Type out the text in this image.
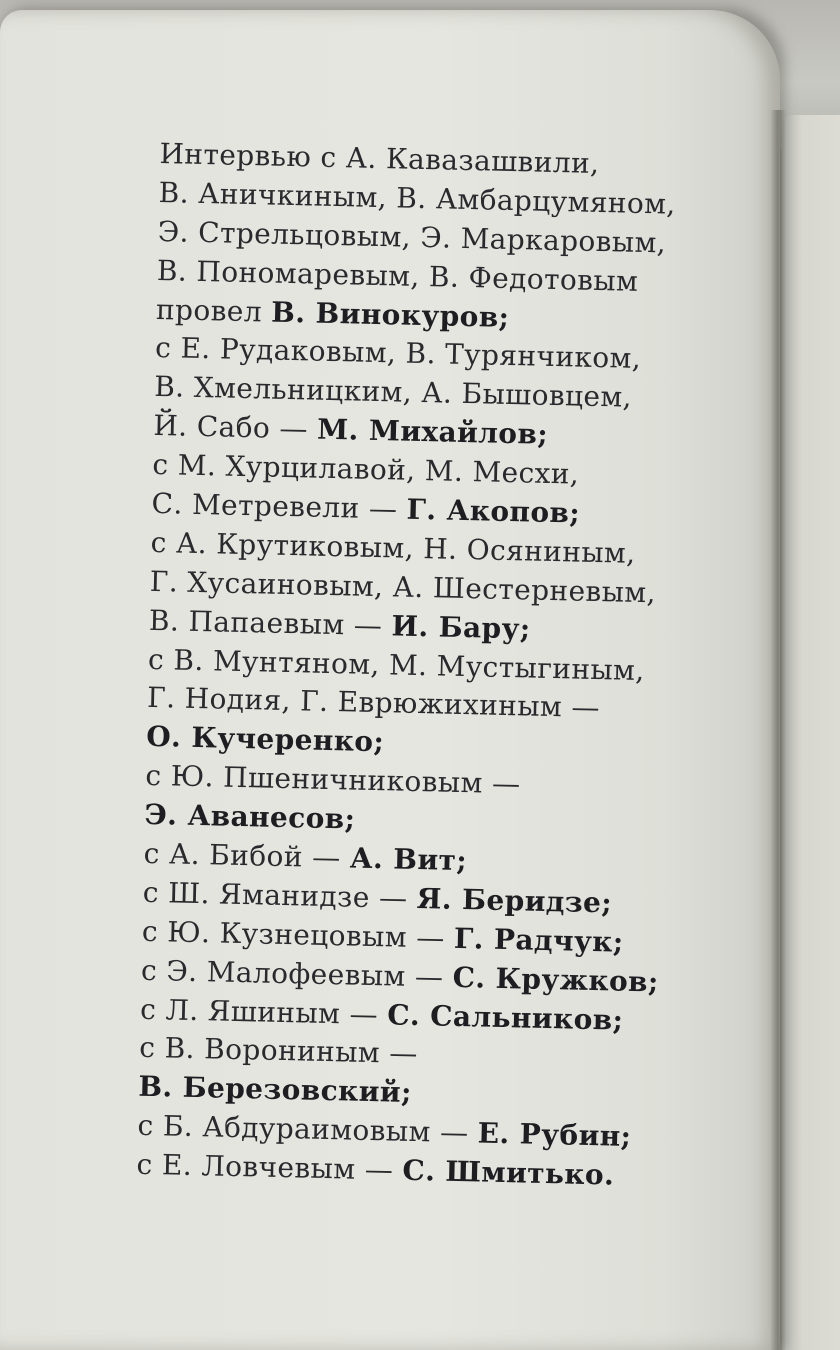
Интервью с А. Кавазашвили,
В. Аничкиным, В. Амбарцумяном,
Э. Стрельцовым, Э. Маркаровым,
В. Пономаревым, В. Федотовым
провел В. Винокуров;
с Е. Рудаковым, В. Турянчиком,
В. Хмельницким, А. Бышовцем,
Й. Сабо — М. Михайлов;
с М. Хурцилавой, М. Месхи,
С. Метревели — Г. Акопов;
с А. Крутиковым, Н. Осяниным,
Г. Хусаиновым, А. Шестерневым,
В. Папаевым — И. Бару;
с В. Мунтяном, М. Мустыгиным,
Г. Нодия, Г. Еврюжихиным —
О. Кучеренко;
с Ю. Пшеничниковым —
Э. Аванесов;
с А. Бибой — А. Вит;
с Ш. Яманидзе — Я. Беридзе;
с Ю. Кузнецовым — Г. Радчук;
с Э. Малофеевым — С. Кружков;
с Л. Яшиным — С. Сальников;
с В. Ворониным —
В. Березовский;
с Б. Абдураимовым — Е. Рубин;
с Е. Ловчевым — С. Шмитько.
